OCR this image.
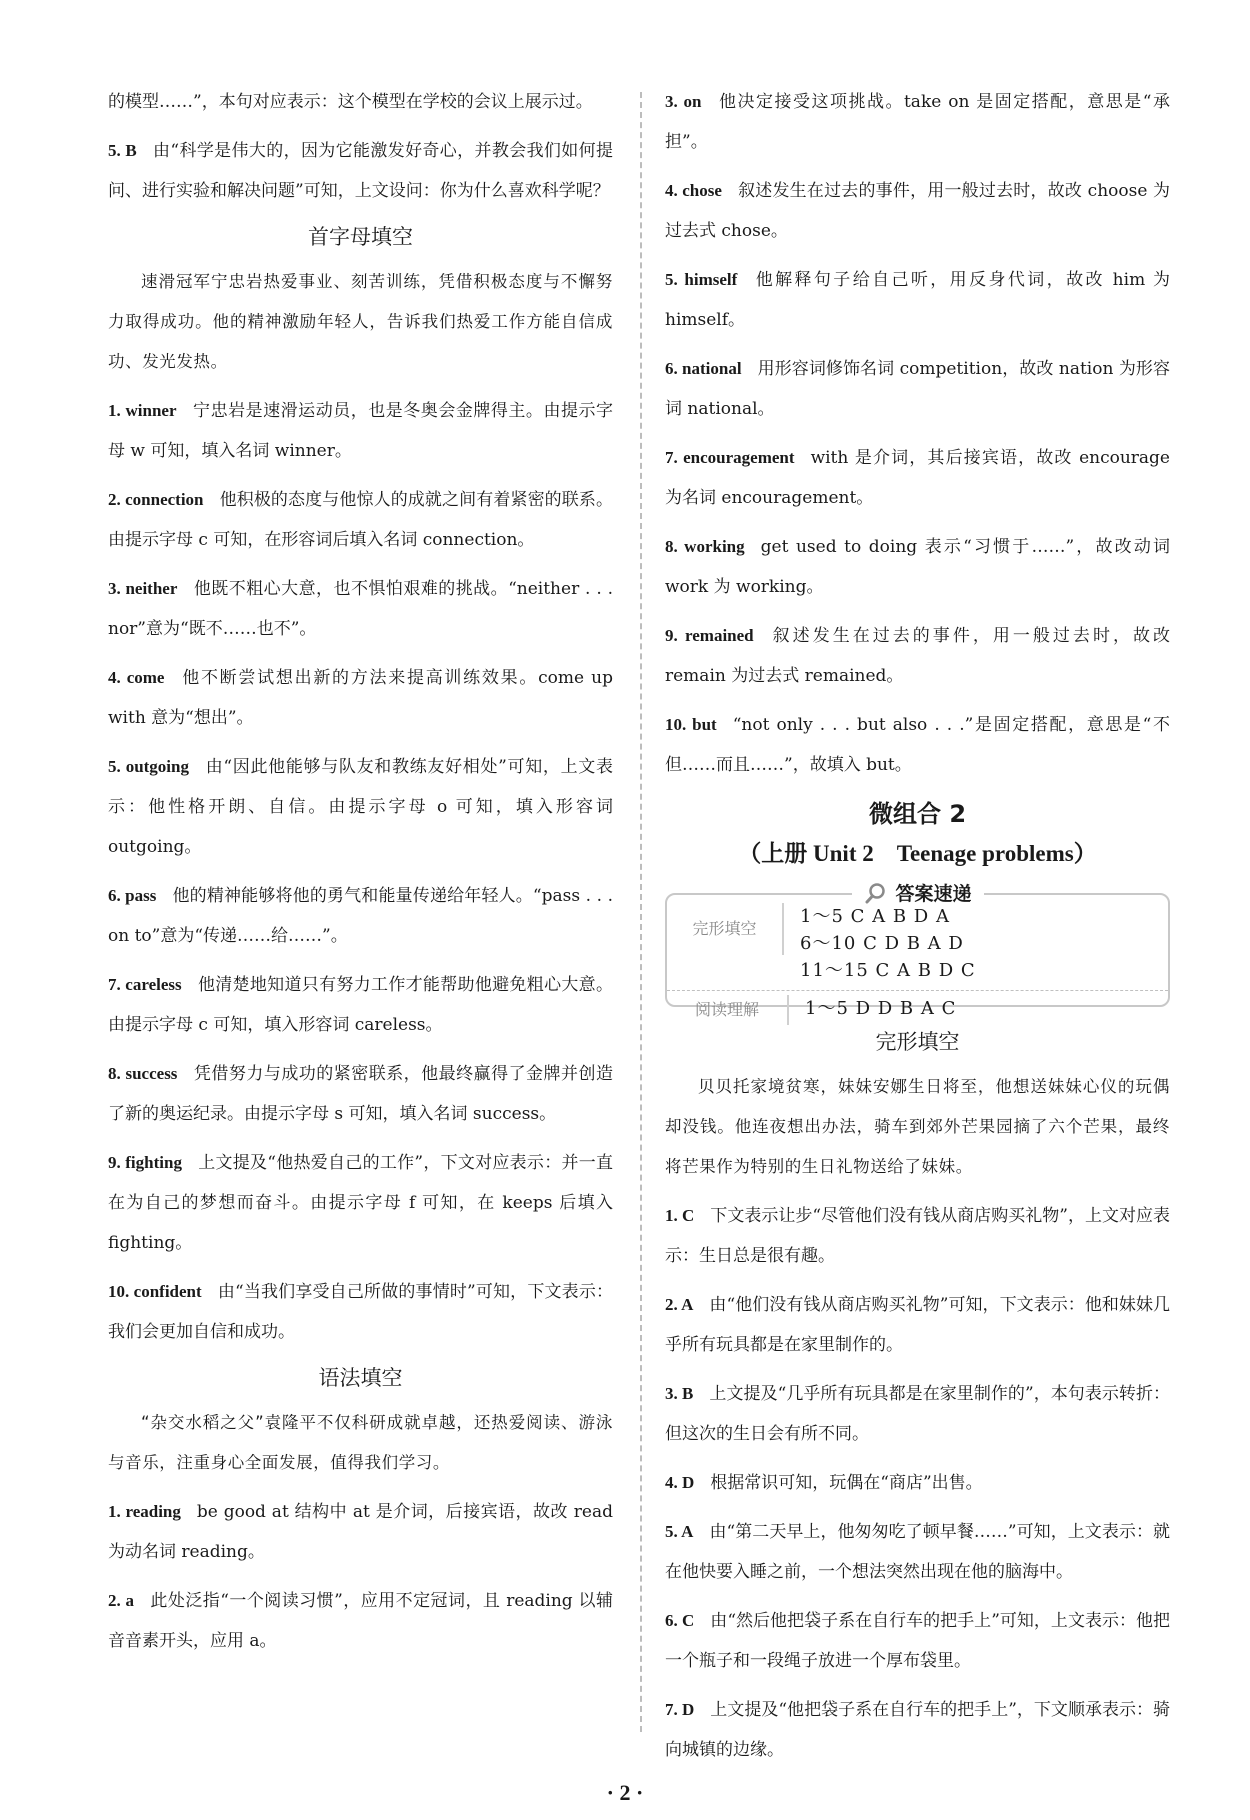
的模型……”，本句对应表示：这个模型在学校的会议上展示过。

5. B 由“科学是伟大的，因为它能激发好奇心，并教会我们如何提问、进行实验和解决问题”可知，上文设问：你为什么喜欢科学呢？

首字母填空

速滑冠军宁忠岩热爱事业、刻苦训练，凭借积极态度与不懈努力取得成功。他的精神激励年轻人，告诉我们热爱工作方能自信成功、发光发热。

1. winner 宁忠岩是速滑运动员，也是冬奥会金牌得主。由提示字母 w 可知，填入名词 winner。

2. connection 他积极的态度与他惊人的成就之间有着紧密的联系。由提示字母 c 可知，在形容词后填入名词 connection。

3. neither 他既不粗心大意，也不惧怕艰难的挑战。“neither . . . nor”意为“既不……也不”。

4. come 他不断尝试想出新的方法来提高训练效果。come up with 意为“想出”。

5. outgoing 由“因此他能够与队友和教练友好相处”可知，上文表示：他性格开朗、自信。由提示字母 o 可知，填入形容词 outgoing。

6. pass 他的精神能够将他的勇气和能量传递给年轻人。“pass . . . on to”意为“传递……给……”。

7. careless 他清楚地知道只有努力工作才能帮助他避免粗心大意。由提示字母 c 可知，填入形容词 careless。

8. success 凭借努力与成功的紧密联系，他最终赢得了金牌并创造了新的奥运纪录。由提示字母 s 可知，填入名词 success。

9. fighting 上文提及“他热爱自己的工作”，下文对应表示：并一直在为自己的梦想而奋斗。由提示字母 f 可知，在 keeps 后填入 fighting。

10. confident 由“当我们享受自己所做的事情时”可知，下文表示：我们会更加自信和成功。

语法填空

“杂交水稻之父”袁隆平不仅科研成就卓越，还热爱阅读、游泳与音乐，注重身心全面发展，值得我们学习。

1. reading be good at 结构中 at 是介词，后接宾语，故改 read 为动名词 reading。

2. a 此处泛指“一个阅读习惯”，应用不定冠词，且 reading 以辅音音素开头，应用 a。

3. on 他决定接受这项挑战。take on 是固定搭配，意思是“承担”。

4. chose 叙述发生在过去的事件，用一般过去时，故改 choose 为过去式 chose。

5. himself 他解释句子给自己听，用反身代词，故改 him 为 himself。

6. national 用形容词修饰名词 competition，故改 nation 为形容词 national。

7. encouragement with 是介词，其后接宾语，故改 encourage 为名词 encouragement。

8. working get used to doing 表示“习惯于……”，故改动词 work 为 working。

9. remained 叙述发生在过去的事件，用一般过去时，故改 remain 为过去式 remained。

10. but “not only . . . but also . . .”是固定搭配，意思是“不但……而且……”，故填入 but。

微组合 2
（上册 Unit 2　Teenage problems）
答案速递
完形填空
1～5 C A B D A6～10 C D B A D
11～15 C A B D C
阅读理解	1～5 D D B A C
完形填空

贝贝托家境贫寒，妹妹安娜生日将至，他想送妹妹心仪的玩偶却没钱。他连夜想出办法，骑车到郊外芒果园摘了六个芒果，最终将芒果作为特别的生日礼物送给了妹妹。

1. C 下文表示让步“尽管他们没有钱从商店购买礼物”，上文对应表示：生日总是很有趣。

2. A 由“他们没有钱从商店购买礼物”可知，下文表示：他和妹妹几乎所有玩具都是在家里制作的。

3. B 上文提及“几乎所有玩具都是在家里制作的”，本句表示转折：但这次的生日会有所不同。

4. D 根据常识可知，玩偶在“商店”出售。

5. A 由“第二天早上，他匆匆吃了顿早餐……”可知，上文表示：就在他快要入睡之前，一个想法突然出现在他的脑海中。

6. C 由“然后他把袋子系在自行车的把手上”可知，上文表示：他把一个瓶子和一段绳子放进一个厚布袋里。

7. D 上文提及“他把袋子系在自行车的把手上”，下文顺承表示：骑向城镇的边缘。

· 2 ·
